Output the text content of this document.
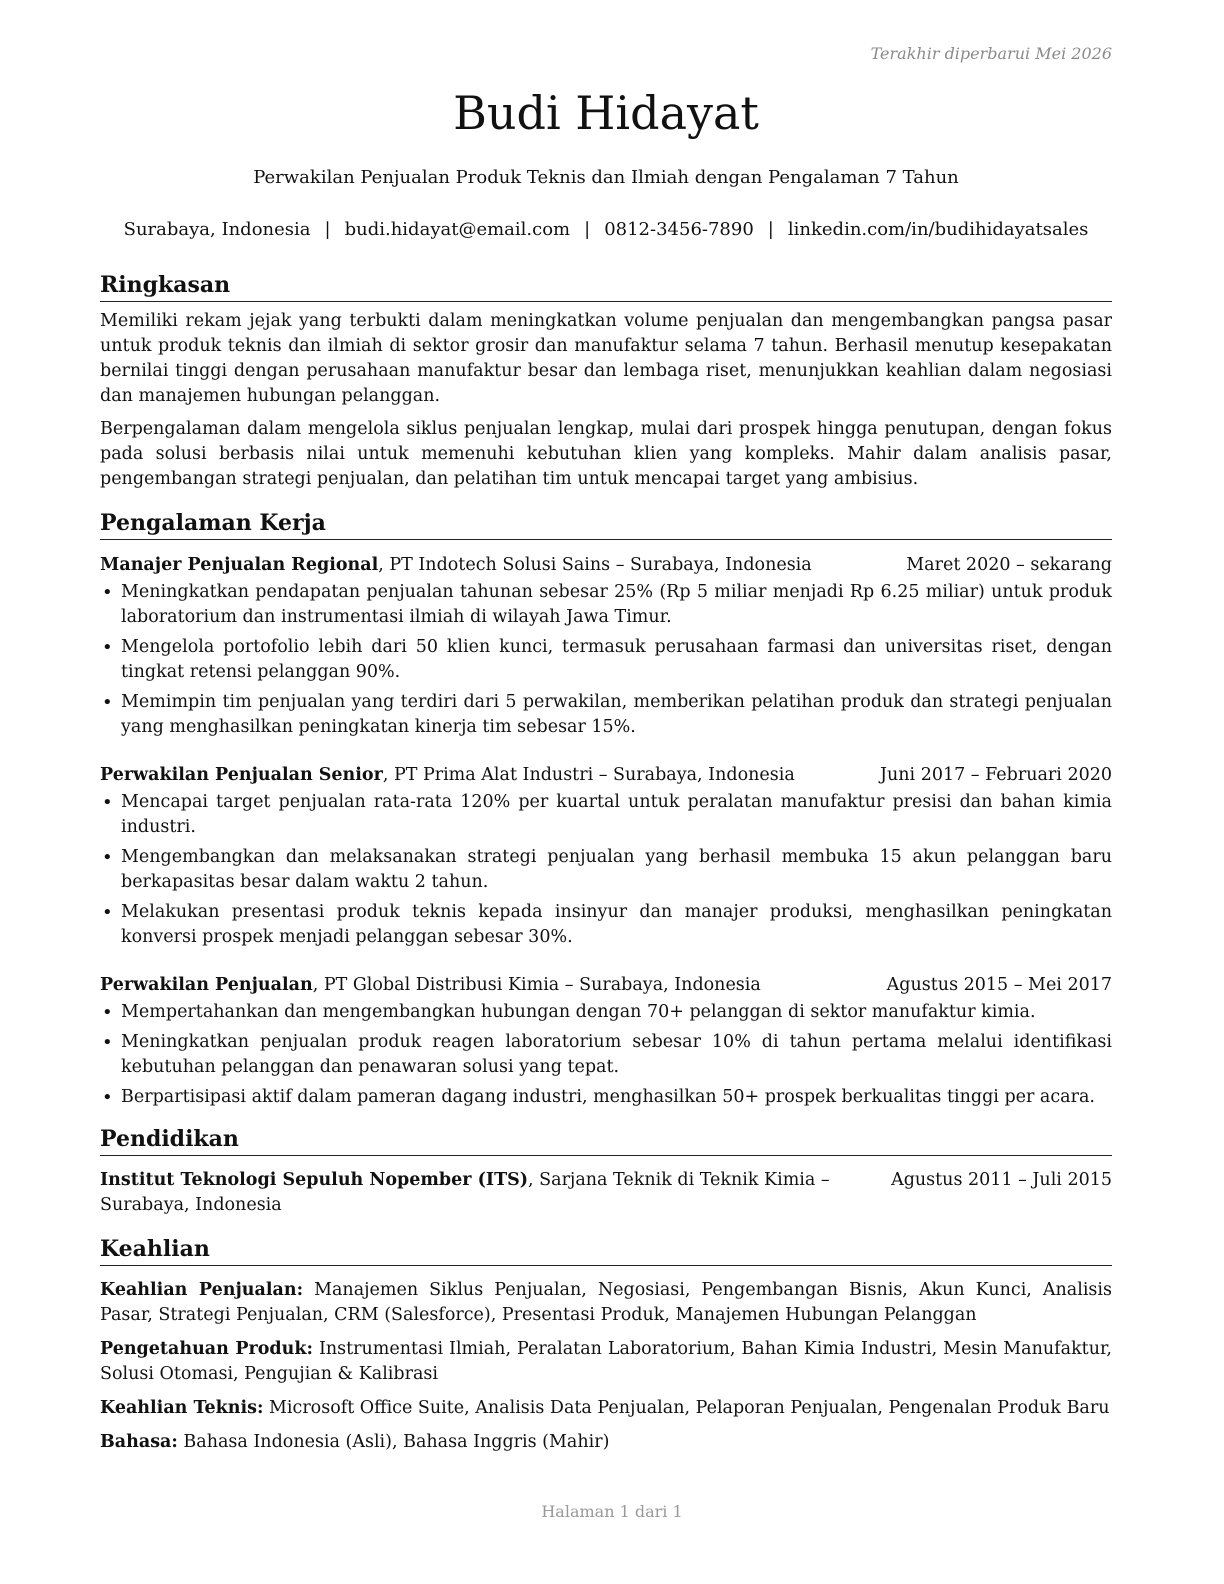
Terakhir diperbarui Mei 2026
Budi Hidayat
Perwakilan Penjualan Produk Teknis dan Ilmiah dengan Pengalaman 7 Tahun
Surabaya, Indonesia | budi.hidayat@email.com | 0812-3456-7890 | linkedin.com/in/budihidayatsales
Ringkasan

Memiliki rekam jejak yang terbukti dalam meningkatkan volume penjualan dan mengembangkan pangsa pasar untuk produk teknis dan ilmiah di sektor grosir dan manufaktur selama 7 tahun. Berhasil menutup kesepakatan bernilai tinggi dengan perusahaan manufaktur besar dan lembaga riset, menunjukkan keahlian dalam negosiasi dan manajemen hubungan pelanggan.

Berpengalaman dalam mengelola siklus penjualan lengkap, mulai dari prospek hingga penutupan, dengan fokus pada solusi berbasis nilai untuk memenuhi kebutuhan klien yang kompleks. Mahir dalam analisis pasar, pengembangan strategi penjualan, dan pelatihan tim untuk mencapai target yang ambisius.

Pengalaman Kerja
Manajer Penjualan Regional, PT Indotech Solusi Sains – Surabaya, Indonesia	Maret 2020 – sekarang
• Meningkatkan pendapatan penjualan tahunan sebesar 25% (Rp 5 miliar menjadi Rp 6.25 miliar) untuk produk laboratorium dan instrumentasi ilmiah di wilayah Jawa Timur.
• Mengelola portofolio lebih dari 50 klien kunci, termasuk perusahaan farmasi dan universitas riset, dengan tingkat retensi pelanggan 90%.
• Memimpin tim penjualan yang terdiri dari 5 perwakilan, memberikan pelatihan produk dan strategi penjualan yang menghasilkan peningkatan kinerja tim sebesar 15%.
Perwakilan Penjualan Senior, PT Prima Alat Industri – Surabaya, Indonesia	Juni 2017 – Februari 2020
• Mencapai target penjualan rata-rata 120% per kuartal untuk peralatan manufaktur presisi dan bahan kimia industri.
• Mengembangkan dan melaksanakan strategi penjualan yang berhasil membuka 15 akun pelanggan baru berkapasitas besar dalam waktu 2 tahun.
• Melakukan presentasi produk teknis kepada insinyur dan manajer produksi, menghasilkan peningkatan konversi prospek menjadi pelanggan sebesar 30%.
Perwakilan Penjualan, PT Global Distribusi Kimia – Surabaya, Indonesia	Agustus 2015 – Mei 2017
• Mempertahankan dan mengembangkan hubungan dengan 70+ pelanggan di sektor manufaktur kimia.
• Meningkatkan penjualan produk reagen laboratorium sebesar 10% di tahun pertama melalui identifikasi kebutuhan pelanggan dan penawaran solusi yang tepat.
• Berpartisipasi aktif dalam pameran dagang industri, menghasilkan 50+ prospek berkualitas tinggi per acara.
Pendidikan
Institut Teknologi Sepuluh Nopember (ITS), Sarjana Teknik di Teknik Kimia – Surabaya, Indonesia
Agustus 2011 – Juli 2015
Keahlian

Keahlian Penjualan: Manajemen Siklus Penjualan, Negosiasi, Pengembangan Bisnis, Akun Kunci, Analisis Pasar, Strategi Penjualan, CRM (Salesforce), Presentasi Produk, Manajemen Hubungan Pelanggan

Pengetahuan Produk: Instrumentasi Ilmiah, Peralatan Laboratorium, Bahan Kimia Industri, Mesin Manufaktur, Solusi Otomasi, Pengujian & Kalibrasi

Keahlian Teknis: Microsoft Office Suite, Analisis Data Penjualan, Pelaporan Penjualan, Pengenalan Produk Baru

Bahasa: Bahasa Indonesia (Asli), Bahasa Inggris (Mahir)

Halaman 1 dari 1
